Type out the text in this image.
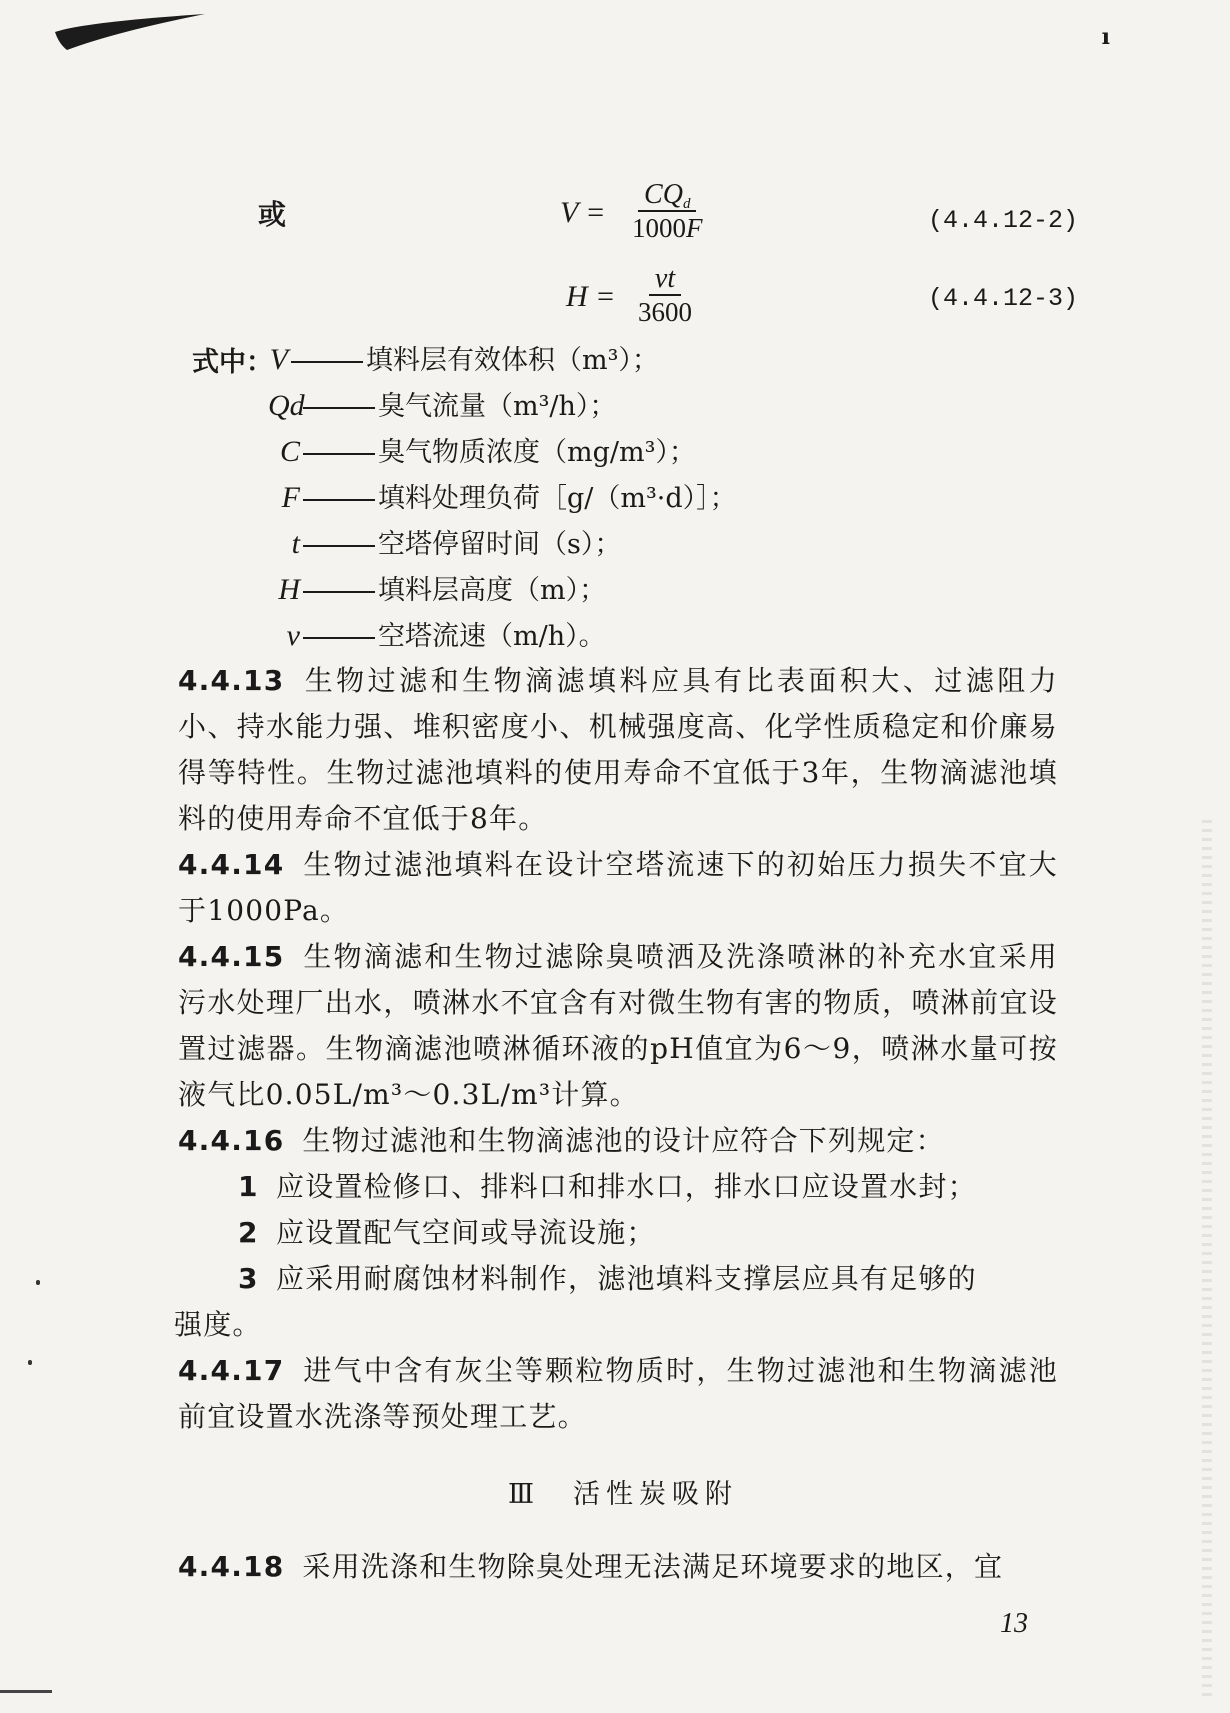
ı
或	V =
$CQ_d$
1000F	(4.4.12-2)
$H = \frac{vt}{3600}$	(4.4.12-3)
式中：
V	填料层有效体积（m³）；
Qd	臭气流量（m³/h）；
C	臭气物质浓度（mg/m³）；
F	填料处理负荷［g/（m³·d）］；
t	空塔停留时间（s）；
H	填料层高度（m）；
v	空塔流速（m/h）。
4.4.13 生物过滤和生物滴滤填料应具有比表面积大、过滤阻力小、持水能力强、堆积密度小、机械强度高、化学性质稳定和价廉易得等特性。生物过滤池填料的使用寿命不宜低于3年，生物滴滤池填料的使用寿命不宜低于8年。
4.4.14 生物过滤池填料在设计空塔流速下的初始压力损失不宜大于1000Pa。
4.4.15 生物滴滤和生物过滤除臭喷洒及洗涤喷淋的补充水宜采用污水处理厂出水，喷淋水不宜含有对微生物有害的物质，喷淋前宜设置过滤器。生物滴滤池喷淋循环液的pH值宜为6～9，喷淋水量可按液气比0.05L/m³～0.3L/m³计算。
4.4.16 生物过滤池和生物滴滤池的设计应符合下列规定：
1 应设置检修口、排料口和排水口，排水口应设置水封；
2 应设置配气空间或导流设施；
3 应采用耐腐蚀材料制作，滤池填料支撑层应具有足够的
强度。
4.4.17 进气中含有灰尘等颗粒物质时，生物过滤池和生物滴滤池前宜设置水洗涤等预处理工艺。
Ⅲ　活性炭吸附
4.4.18 采用洗涤和生物除臭处理无法满足环境要求的地区，宜
13
